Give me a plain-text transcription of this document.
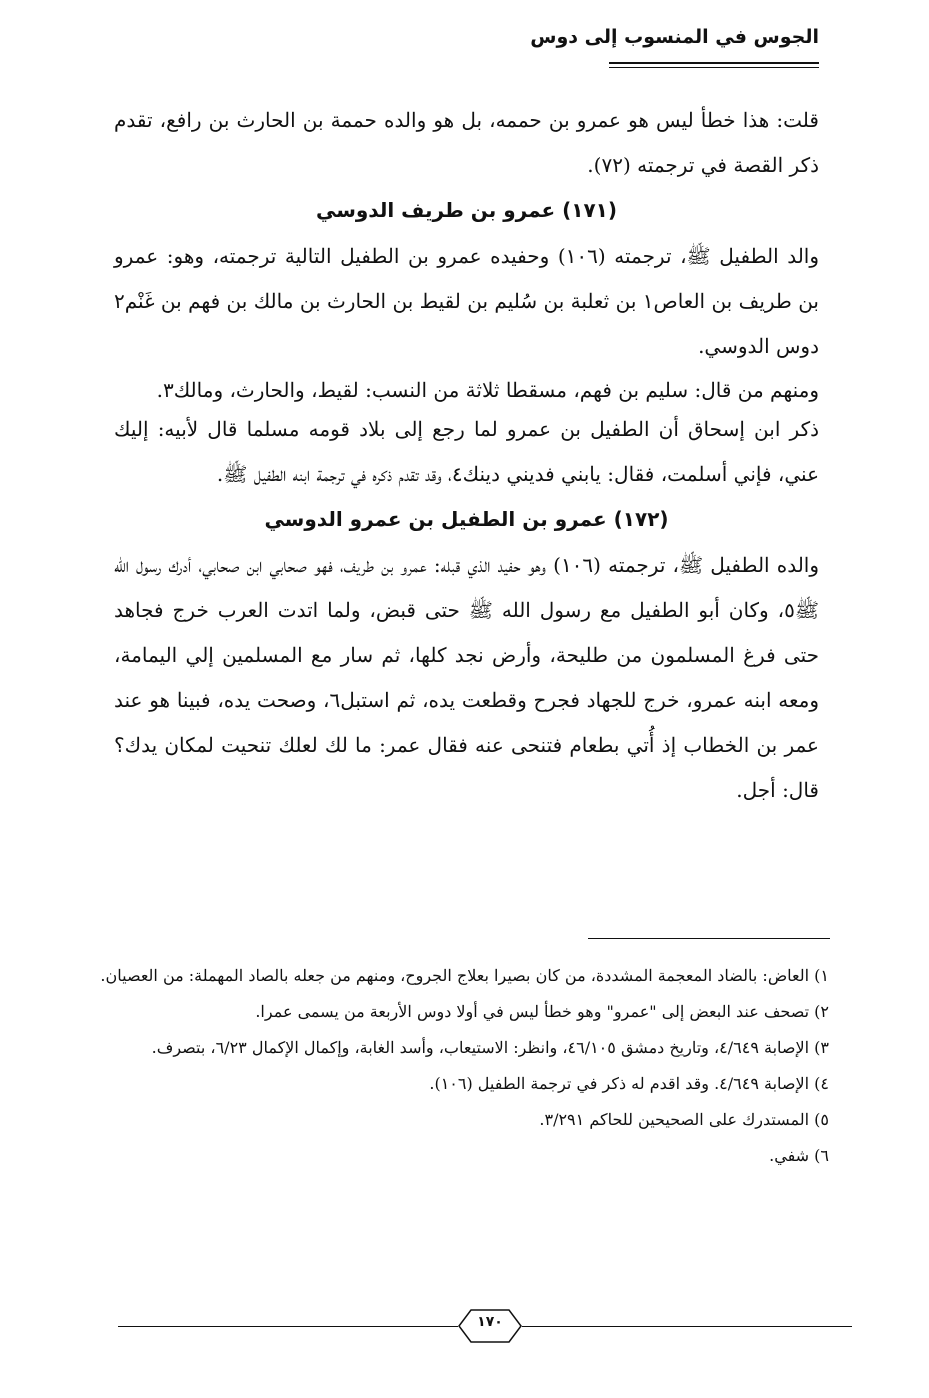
الجوس في المنسوب إلى دوس
قلت: هذا خطأ ليس هو عمرو بن حممه، بل هو والده حممة بن الحارث بن رافع، تقدم ذكر القصة في ترجمته (٧٢).
(١٧١) عمرو بن طريف الدوسي
والد الطفيل ﷺ، ترجمته (١٠٦) وحفيده عمرو بن الطفيل التالية ترجمته، وهو: عمرو بن طريف بن العاص١ بن ثعلبة بن سُليم بن لقيط بن الحارث بن مالك بن فهم بن غَنْم٢ دوس الدوسي.
ومنهم من قال: سليم بن فهم، مسقطا ثلاثة من النسب: لقيط، والحارث، ومالك٣.
ذكر ابن إسحاق أن الطفيل بن عمرو لما رجع إلى بلاد قومه مسلما قال لأبيه: إليك عني، فإني أسلمت، فقال: يابني فديني دينك٤، وقد تقدم ذكره في ترجمة ابنه الطفيل ﷺ.
(١٧٢) عمرو بن الطفيل بن عمرو الدوسي
والده الطفيل ﷺ، ترجمته (١٠٦) وهو حفيد الذي قبله: عمرو بن طريف، فهو صحابي ابن صحابي، أدرك رسول الله ﷺ٥، وكان أبو الطفيل مع رسول الله ﷺ حتى قبض، ولما اتدت العرب خرج فجاهد حتى فرغ المسلمون من طليحة، وأرض نجد كلها، ثم سار مع المسلمين إلي اليمامة، ومعه ابنه عمرو، خرج للجهاد فجرح وقطعت يده، ثم استبل٦، وصحت يده، فبينا هو عند عمر بن الخطاب إذ أُتي بطعام فتنحى عنه فقال عمر: ما لك لعلك تنحيت لمكان يدك؟ قال: أجل.

١) العاض: بالضاد المعجمة المشددة، من كان بصيرا بعلاج الجروح، ومنهم من جعله بالصاد المهملة: من العصيان.

٢) تصحف عند البعض إلى "عمرو" وهو خطأ ليس في أولا دوس الأربعة من يسمى عمرا.

٣) الإصابة ٤/٦٤٩، وتاريخ دمشق ٤٦/١٠٥، وانظر: الاستيعاب، وأسد الغابة، وإكمال الإكمال ٦/٢٣، بتصرف.

٤) الإصابة ٤/٦٤٩. وقد اقدم له ذكر في ترجمة الطفيل (١٠٦).

٥) المستدرك على الصحيحين للحاكم ٣/٢٩١.

٦) شفي.

١٧٠
